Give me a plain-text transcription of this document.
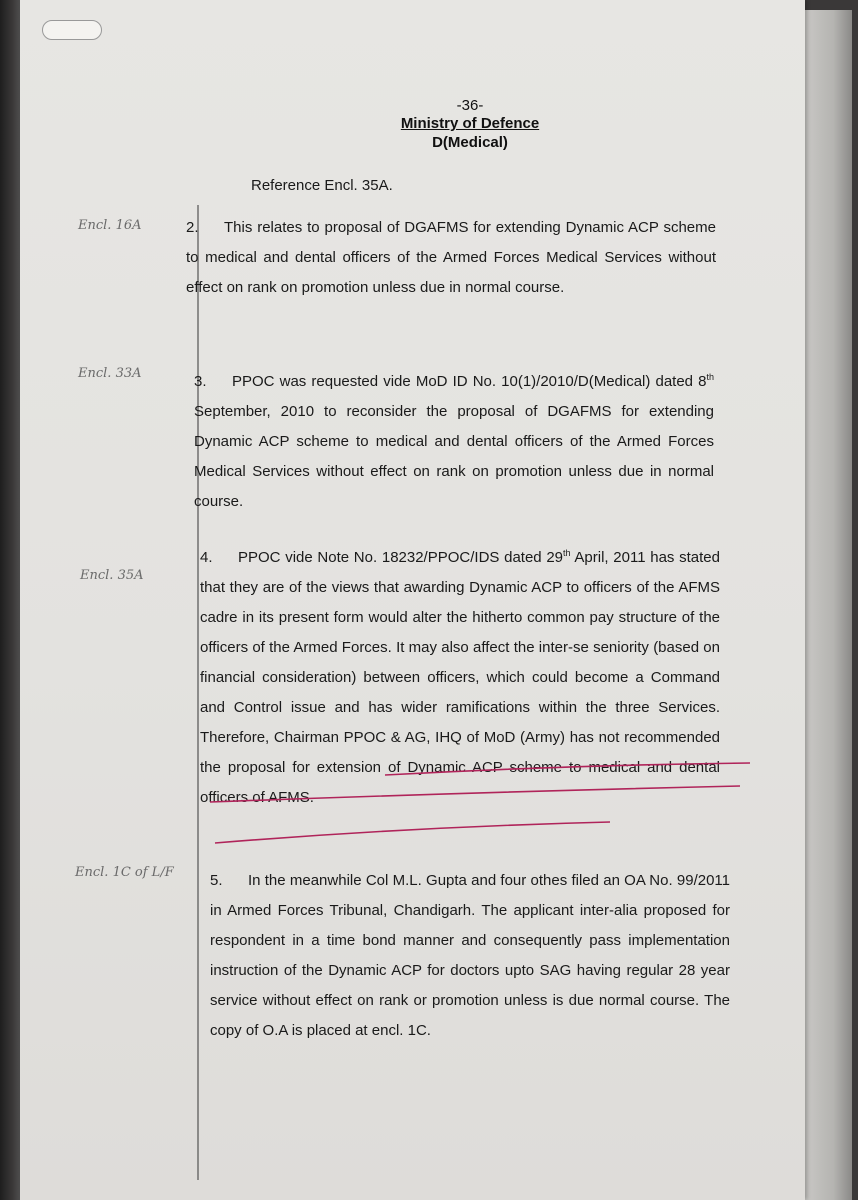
-36-
Ministry of Defence
D(Medical)
Reference Encl. 35A.
Encl. 16A
Encl. 33A
Encl. 35A
Encl. 1C of L/F
2. This relates to proposal of DGAFMS for extending Dynamic ACP scheme to medical and dental officers of the Armed Forces Medical Services without effect on rank on promotion unless due in normal course.
3. PPOC was requested vide MoD ID No. 10(1)/2010/D(Medical) dated 8th September, 2010 to reconsider the proposal of DGAFMS for extending Dynamic ACP scheme to medical and dental officers of the Armed Forces Medical Services without effect on rank on promotion unless due in normal course.
4. PPOC vide Note No. 18232/PPOC/IDS dated 29th April, 2011 has stated that they are of the views that awarding Dynamic ACP to officers of the AFMS cadre in its present form would alter the hitherto common pay structure of the officers of the Armed Forces. It may also affect the inter-se seniority (based on financial consideration) between officers, which could become a Command and Control issue and has wider ramifications within the three Services. Therefore, Chairman PPOC & AG, IHQ of MoD (Army) has not recommended the proposal for extension of Dynamic ACP scheme to medical and dental officers of AFMS.
5. In the meanwhile Col M.L. Gupta and four othes filed an OA No. 99/2011 in Armed Forces Tribunal, Chandigarh. The applicant inter-alia proposed for respondent in a time bond manner and consequently pass implementation instruction of the Dynamic ACP for doctors upto SAG having regular 28 year service without effect on rank or promotion unless is due normal course. The copy of O.A is placed at encl. 1C.
